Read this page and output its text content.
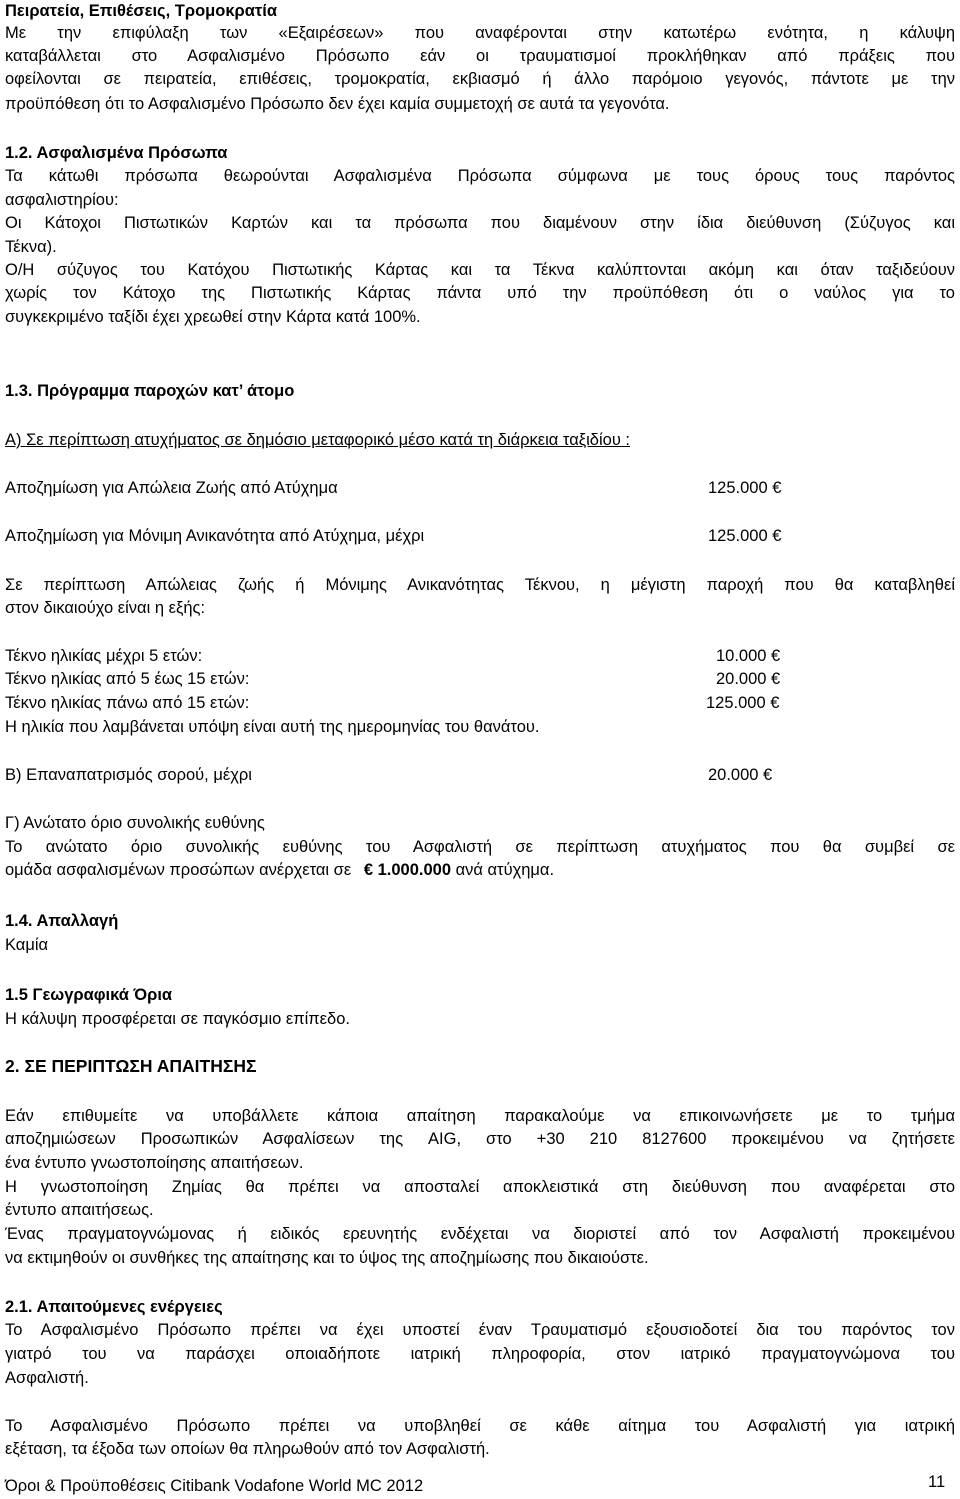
Πειρατεία, Επιθέσεις, Τρομοκρατία
Με την επιφύλαξη των «Εξαιρέσεων» που αναφέρονται στην κατωτέρω ενότητα, η κάλυψη
καταβάλλεται στο Ασφαλισμένο Πρόσωπο εάν οι τραυματισμοί προκλήθηκαν από πράξεις που
οφείλονται σε πειρατεία, επιθέσεις, τρομοκρατία, εκβιασμό ή άλλο παρόμοιο γεγονός, πάντοτε με την
προϋπόθεση ότι το Ασφαλισμένο Πρόσωπο δεν έχει καμία συμμετοχή σε αυτά τα γεγονότα.
1.2. Ασφαλισμένα Πρόσωπα
Τα κάτωθι πρόσωπα θεωρούνται Ασφαλισμένα Πρόσωπα σύμφωνα με τους όρους τους παρόντος
ασφαλιστηρίου:
Οι Κάτοχοι Πιστωτικών Καρτών και τα πρόσωπα που διαμένουν στην ίδια διεύθυνση (Σύζυγος και
Τέκνα).
Ο/Η σύζυγος του Κατόχου Πιστωτικής Κάρτας και τα Τέκνα καλύπτονται ακόμη και όταν ταξιδεύουν
χωρίς τον Κάτοχο της Πιστωτικής Κάρτας πάντα υπό την προϋπόθεση ότι ο ναύλος για το
συγκεκριμένο ταξίδι έχει χρεωθεί στην Κάρτα κατά 100%.
1.3. Πρόγραμμα παροχών κατ’ άτομο
Α) Σε περίπτωση ατυχήματος σε δημόσιο μεταφορικό μέσο κατά τη διάρκεια ταξιδίου :
Αποζημίωση για Απώλεια Ζωής από Ατύχημα	125.000 €
Αποζημίωση για Μόνιμη Ανικανότητα από Ατύχημα, μέχρι	125.000 €
Σε περίπτωση Απώλειας ζωής ή Μόνιμης Ανικανότητας Τέκνου, η μέγιστη παροχή που θα καταβληθεί
στον δικαιούχο είναι η εξής:
Τέκνο ηλικίας μέχρι 5 ετών:	10.000 €
Τέκνο ηλικίας από 5 έως 15 ετών:	20.000 €
Τέκνο ηλικίας πάνω από 15 ετών:	125.000 €
Η ηλικία που λαμβάνεται υπόψη είναι αυτή της ημερομηνίας του θανάτου.
Β) Επαναπατρισμός σορού, μέχρι	20.000 €
Γ) Ανώτατο όριο συνολικής ευθύνης
Το ανώτατο όριο συνολικής ευθύνης του Ασφαλιστή σε περίπτωση ατυχήματος που θα συμβεί σε
ομάδα ασφαλισμένων προσώπων ανέρχεται σε € 1.000.000 ανά ατύχημα.
1.4. Απαλλαγή
Καμία
1.5 Γεωγραφικά Όρια
Η κάλυψη προσφέρεται σε παγκόσμιο επίπεδο.
2. ΣΕ ΠΕΡΙΠΤΩΣΗ ΑΠΑΙΤΗΣΗΣ
Εάν επιθυμείτε να υποβάλλετε κάποια απαίτηση παρακαλούμε να επικοινωνήσετε με το τμήμα
αποζημιώσεων Προσωπικών Ασφαλίσεων της AIG, στο +30 210 8127600 προκειμένου να ζητήσετε
ένα έντυπο γνωστοποίησης απαιτήσεων.
Η γνωστοποίηση Ζημίας θα πρέπει να αποσταλεί αποκλειστικά στη διεύθυνση που αναφέρεται στο
έντυπο απαιτήσεως.
Ένας πραγματογνώμονας ή ειδικός ερευνητής ενδέχεται να διοριστεί από τον Ασφαλιστή προκειμένου
να εκτιμηθούν οι συνθήκες της απαίτησης και το ύψος της αποζημίωσης που δικαιούστε.
2.1. Απαιτούμενες ενέργειες
Το Ασφαλισμένο Πρόσωπο πρέπει να έχει υποστεί έναν Τραυματισμό εξουσιοδοτεί δια του παρόντος τον
γιατρό του να παράσχει οποιαδήποτε ιατρική πληροφορία, στον ιατρικό πραγματογνώμονα του
Ασφαλιστή.
Το Ασφαλισμένο Πρόσωπο πρέπει να υποβληθεί σε κάθε αίτημα του Ασφαλιστή για ιατρική
εξέταση, τα έξοδα των οποίων θα πληρωθούν από τον Ασφαλιστή.
Όροι & Προϋποθέσεις Citibank Vodafone World MC 2012	11
